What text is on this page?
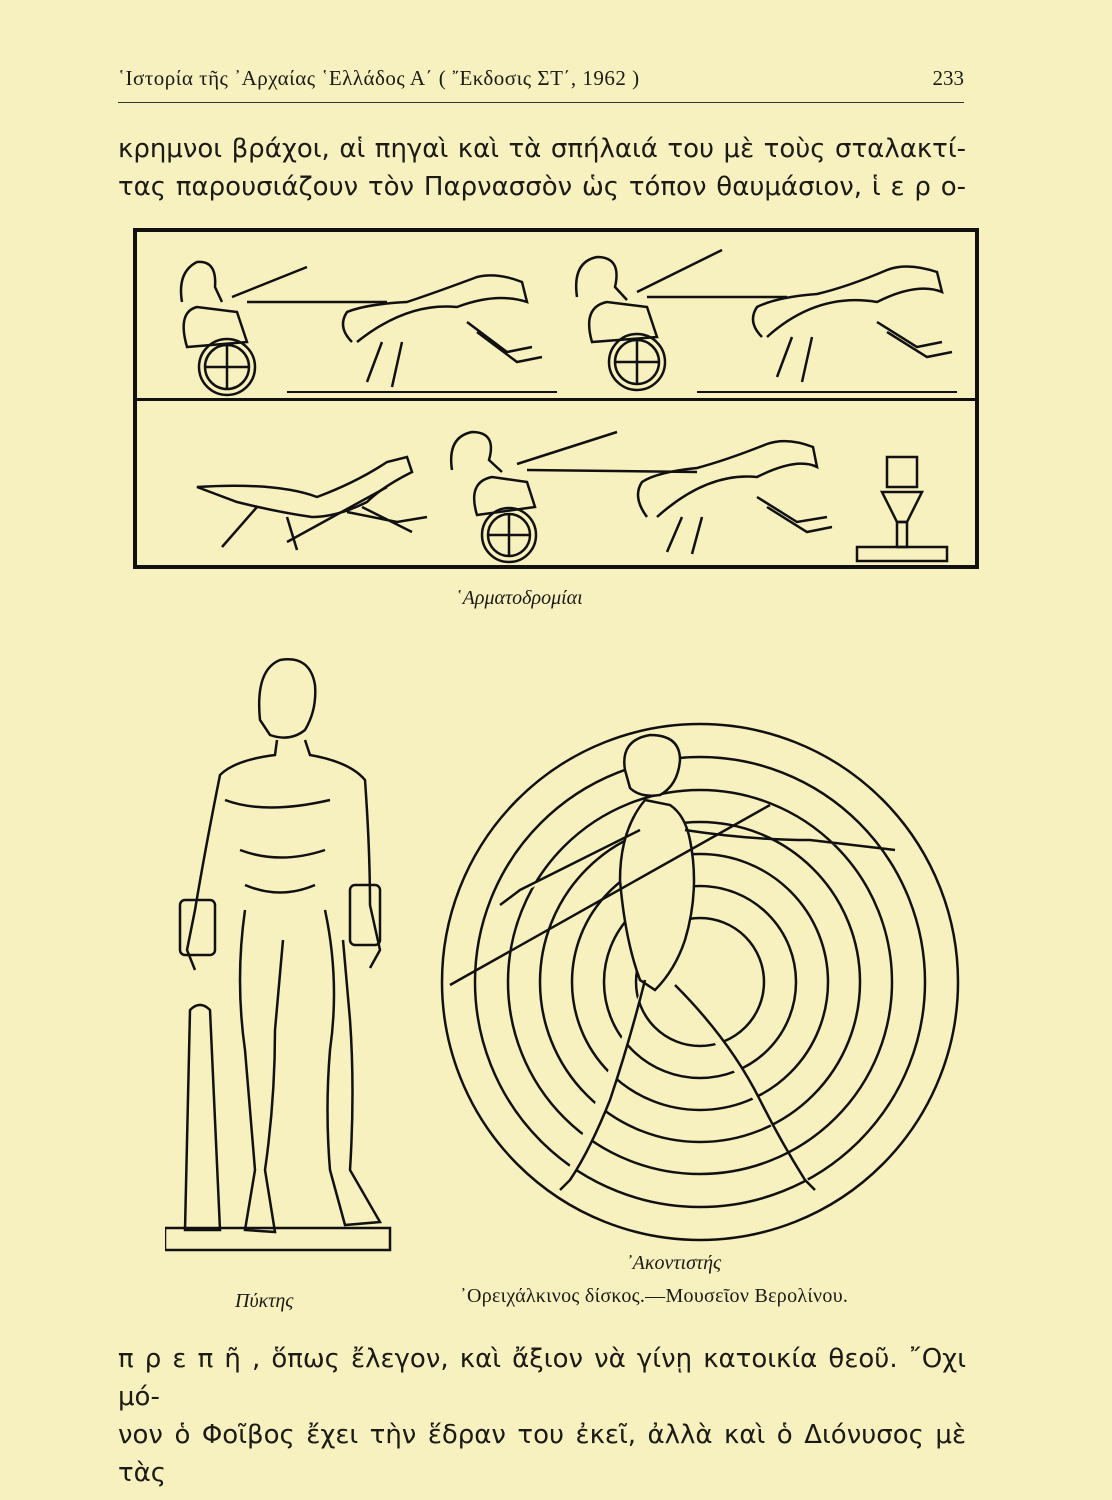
῾Ιστορία τῆς ᾿Αρχαίας ῾Ελλάδος Α΄ ( ῎Εκδοσις ΣΤ΄, 1962 )	233
κρημνοι βράχοι, αἱ πηγαὶ καὶ τὰ σπήλαιά του μὲ τοὺς σταλακτί-
τας παρουσιάζουν τὸν Παρνασσὸν ὡς τόπον θαυμάσιον, ἱ ε ρ ο-
῾Αρματοδρομίαι
Πύκτης
᾿Ακοντιστής
᾿Ορειχάλκινος δίσκος.—Μουσεῖον Βερολίνου.
π ρ ε π ῆ , ὅπως ἔλεγον, καὶ ἄξιον νὰ γίνῃ κατοικία θεοῦ. ῎Οχι μό-
νον ὁ Φοῖβος ἔχει τὴν ἕδραν του ἐκεῖ, ἀλλὰ καὶ ὁ Διόνυσος μὲ τὰς
